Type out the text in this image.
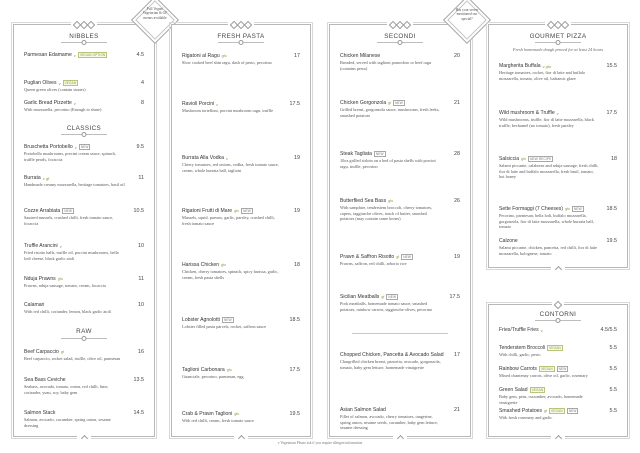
NIBBLES
Parmesan Edamame v	VEGAN OPTION	4.5
Puglian Olives v	VEGAN	4
Queen green olives (contain stones)
Garlic Bread Pizzette v	8
With mozzarella, pecorino (Enough to share)
CLASSICS
Bruschetta Portobello v	NEW	9.5
Portobello mushrooms, porcini cream sauce, spinach, truffle pearls, focaccia
Burrata v gf	11
Handmade creamy mozzarella, heritage tomatoes, basil oil
Cozze Arrabiata	NEW	10.5
Sauteed mussels, crushed chilli, fresh tomato sauce, focaccia
Truffle Arancini v	10
Fried risotto balls, truffle oil, porcini mushrooms, bella lodi cheese, black garlic aioli
Nduja Prawns gfo	11
Prawns, nduja sausage, tomato, cream, focaccia
Calamari	10
With red chilli, coriander, lemon, black garlic aioli
RAW
Beef Carpaccio gf	16
Beef carpaccio, rocket salad, truffle, olive oil, parmesan
Sea Bass Ceviche	13.5
Seabass, avocado, tomato, onion, red chilli, lime, coriander, yuzu, soy, baby gem
Salmon Stack	14.5
Salmon, avocado, cucumber, spring onion, sesame dressing
Full Vegan/ Vegetarian & GF menus available
FRESH PASTA
Rigatoni al Ragu gfo	17
Slow cooked beef shin ragu, dash of pesto, pecorino
Ravioli Porcini v	17.5
Mushroom tortelloni, porcini mushroom ragu, truffle
Burrata Alla Vodka v	19
Cherry tomatoes, red onions, vodka, fresh tomato sauce, cream, whole burrata ball, taglioni
Rigatoni Frutti di Mare gfo	NEW	19
Mussels, squid, prawns, garlic, parsley, crushed chilli, fresh tomato sauce
Harissa Chicken gfo	18
Chicken, cherry tomatoes, spinach, spicy harissa, garlic, cream, fresh pasta shells
Lobster Agnolotti	NEW	18.5
Lobster filled pasta parcels, rocket, saffron sauce
Taglioni Carbonara gfo	17.5
Guanciale, pecorino, parmesan, egg
Crab & Prawn Taglioni gfo	19.5
With red chilli, cream, fresh tomato sauce
SECONDI
Chicken Milanese	20
Breaded, served with taglioni pomodoro or beef ragu (contains pesto)
Chicken Gorgonzola gf	NEW	21
Grilled breast, gorgonzola sauce, mushrooms, fresh leeks, smashed potatoes
Steak Tagliata	NEW	28
10oz grilled sirloin on a bed of pasta shells with porcini ragu, truffle, pecorino
Butterflied Sea Bass gfo	26
With samphire, tenderstem broccoli, cherry tomatoes, capers, taggiasche olives, touch of butter, smashed potatoes (may contain some bones)
Prawn & Saffron Risotto gf	NEW	19
Prawns, saffron, red chilli, arborio rice
Sicilian Meatballs gf	NEW	17.5
Pork meatballs, homemade tomato sauce, smashed potatoes, rainbow carrots, taggiasche olives, pecorino
Chopped Chicken, Pancetta & Avocado Salad 17
Chargrilled chicken breast, pancetta, avocado, gorgonzola, tomato, baby gem lettuce, homemade vinaigrette
Asian Salmon Salad	21
Fillet of salmon, avocado, cherry tomatoes, tangerine, spring onion, sesame seeds, cucumber, baby gem lettuce, sesame dressing
Has your server mentioned our special?
GOURMET PIZZA
Fresh homemade dough proved for at least 24 hours
Margherita Buffala v gfo	15.5
Heritage tomatoes, rocket, fior di latte and buffalo mozzarella, tomato, olive oil, balsamic glaze
Wild mushroom & Truffle v	17.5
Wild mushrooms, truffle, fior di latte mozzarella, black truffle, bechamel (no tomato), fresh parsley
Salsiccia gfo	NEW RECIPE	18
Salami piccante, calabrese and nduja sausage, fresh chilli, fior di latte and buffalo mozzarella, fresh basil, tomato, hot honey
Sette Formaggi (7 Cheeses) gfo	NEW	18.5
Pecorino, parmesan, bella lodi, buffalo mozzarella, gorgonzola, fior di latte mozzarella, whole burrata ball, tomato
Calzone	19.5
Salami piccante, chicken, pancetta, red chilli, fior di latte mozzarella, bolognese, tomato
CONTORNI
Fries/Truffle Fries v	4.5/5.5
Tenderstem Broccoli	VEGAN	5.5
With chilli, garlic, pesto
Rainbow Carrots	VEGAN	NEW	5.5
Mixed chantenay carrots, olive oil, garlic, rosemary
Green Salad	VEGAN	5.5
Baby gem, peas, cucumber, avocado, homemade vinaigrette
Smashed Potatoes gf	VEGAN	NEW	5.5
With fresh rosemary and garlic
v Vegetarian Please ask if you require allergen information
